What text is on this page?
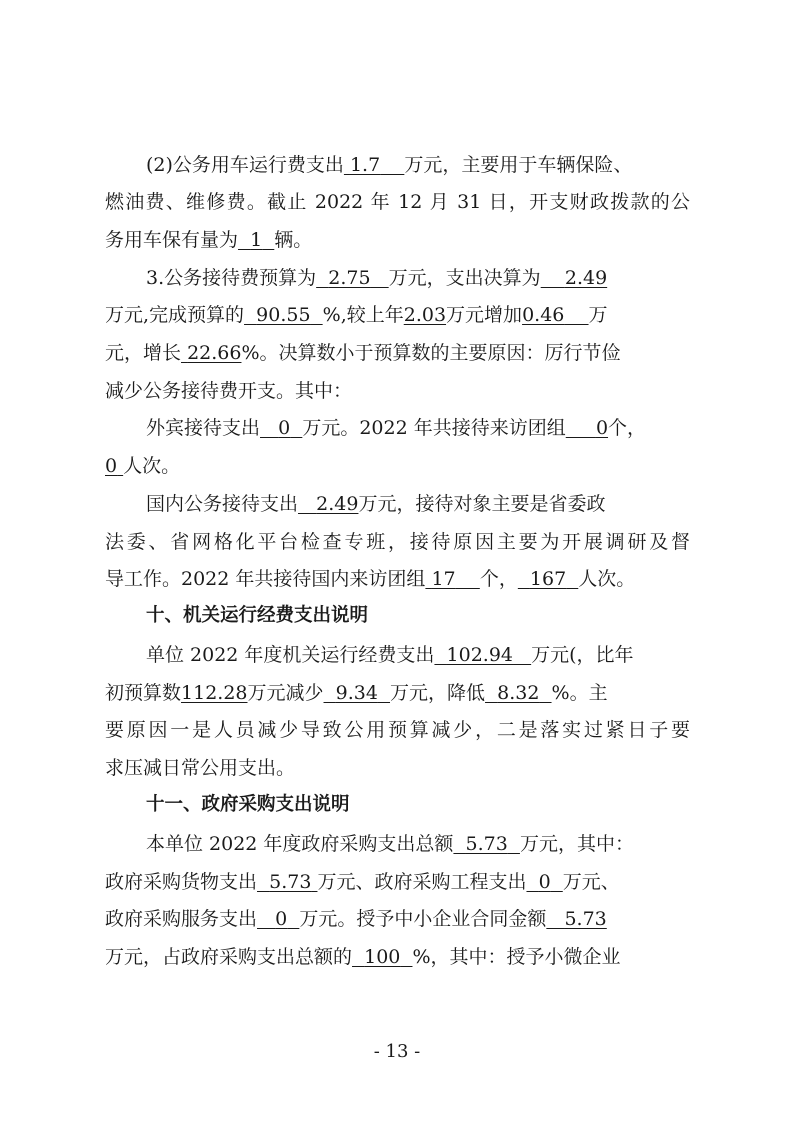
(2)公务用车运行费支出 1.7 万元，主要用于车辆保险、
燃油费、维修费。截止 2022 年 12 月 31 日，开支财政拨款的公
务用车保有量为 1 辆。
3.公务接待费预算为 2.75 万元，支出决算为 2.49
万元,完成预算的 90.55 %,较上年2.03万元增加0.46 万
元，增长 22.66%。决算数小于预算数的主要原因：厉行节俭
减少公务接待费开支。其中：
外宾接待支出 0 万元。2022 年共接待来访团组 0个，
0 人次。
国内公务接待支出 2.49万元，接待对象主要是省委政
法委、省网格化平台检查专班，接待原因主要为开展调研及督
导工作。2022 年共接待国内来访团组 17 个， 167 人次。
十、机关运行经费支出说明
单位 2022 年度机关运行经费支出 102.94 万元(，比年
初预算数112.28万元减少 9.34 万元，降低 8.32 %。主
要原因一是人员减少导致公用预算减少，二是落实过紧日子要
求压减日常公用支出。
十一、政府采购支出说明
本单位 2022 年度政府采购支出总额 5.73 万元，其中：
政府采购货物支出 5.73 万元、政府采购工程支出 0 万元、
政府采购服务支出 0 万元。授予中小企业合同金额 5.73
万元，占政府采购支出总额的 100 %，其中：授予小微企业
- 13 -
